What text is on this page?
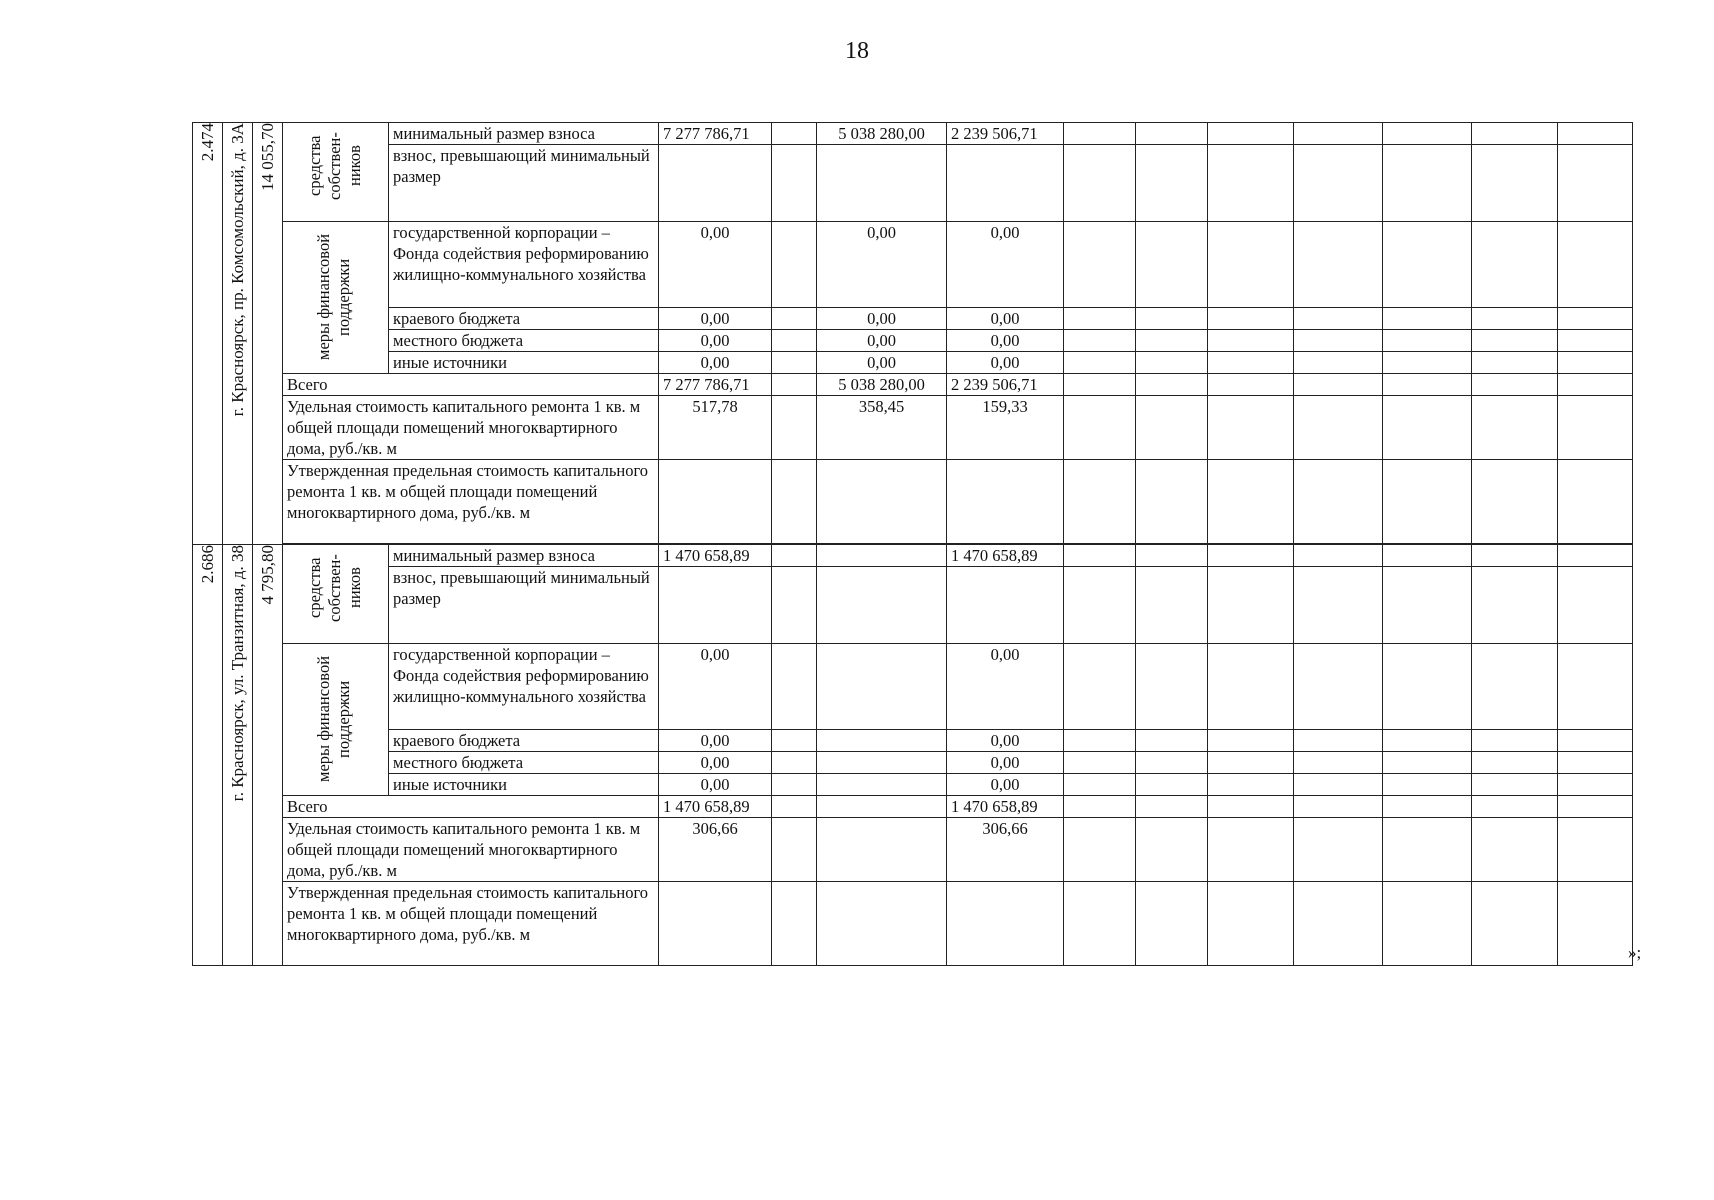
18
2.474	г. Красноярск, пр. Комсомольский, д. 3А	14 055,70	средства собствен-ников	минимальный размер взноса	7 277 786,71		5 038 280,00	2 239 506,71							
				взнос, превышающий минимальный размер											

			меры финансовой поддержки	государственной корпорации – Фонда содействия реформированию жилищно-коммунального хозяйства	0,00		0,00	0,00							
				краевого бюджета	0,00		0,00	0,00							
				местного бюджета	0,00		0,00	0,00							
				иные источники	0,00		0,00	0,00							
			Всего		7 277 786,71		5 038 280,00	2 239 506,71							
			Удельная стоимость капитального ремонта 1 кв. м общей площади помещений многоквартирного дома, руб./кв. м		517,78		358,45	159,33							
			Утвержденная предельная стоимость капитального ремонта 1 кв. м общей площади помещений многоквартирного дома, руб./кв. м												

2.686	г. Красноярск, ул. Транзитная, д. 38	4 795,80	средства собствен-ников	минимальный размер взноса	1 470 658,89			1 470 658,89							
				взнос, превышающий минимальный размер											

			меры финансовой поддержки	государственной корпорации – Фонда содействия реформированию жилищно-коммунального хозяйства	0,00			0,00							
				краевого бюджета	0,00			0,00							
				местного бюджета	0,00			0,00							
				иные источники	0,00			0,00							
			Всего		1 470 658,89			1 470 658,89							
			Удельная стоимость капитального ремонта 1 кв. м общей площади помещений многоквартирного дома, руб./кв. м		306,66			306,66							
			Утвержденная предельная стоимость капитального ремонта 1 кв. м общей площади помещений многоквартирного дома, руб./кв. м												
»;
